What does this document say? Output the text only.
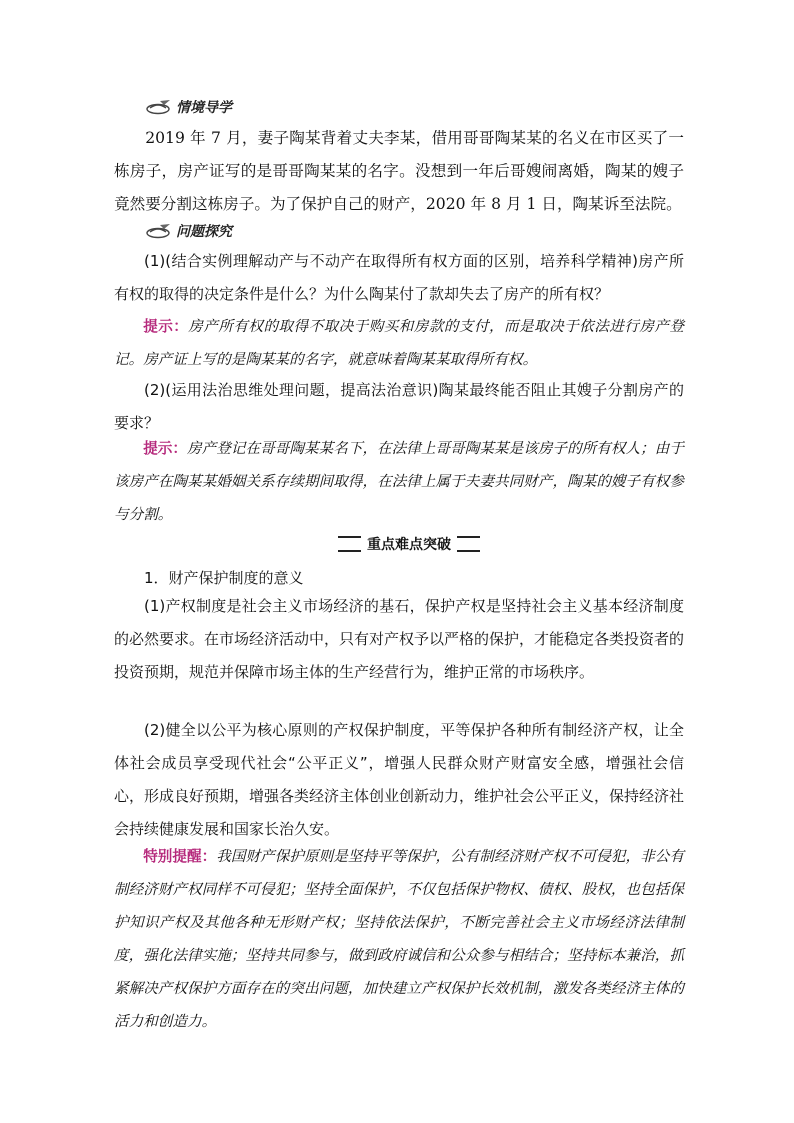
情境导学

2019 年 7 月，妻子陶某背着丈夫李某，借用哥哥陶某某的名义在市区买了一栋房子，房产证写的是哥哥陶某某的名字。没想到一年后哥嫂闹离婚，陶某的嫂子竟然要分割这栋房子。为了保护自己的财产，2020 年 8 月 1 日，陶某诉至法院。

问题探究

(1)(结合实例理解动产与不动产在取得所有权方面的区别，培养科学精神)房产所有权的取得的决定条件是什么？为什么陶某付了款却失去了房产的所有权？

提示：房产所有权的取得不取决于购买和房款的支付，而是取决于依法进行房产登记。房产证上写的是陶某某的名字，就意味着陶某某取得所有权。

(2)(运用法治思维处理问题，提高法治意识)陶某最终能否阻止其嫂子分割房产的要求？

提示：房产登记在哥哥陶某某名下，在法律上哥哥陶某某是该房子的所有权人；由于该房产在陶某某婚姻关系存续期间取得，在法律上属于夫妻共同财产，陶某的嫂子有权参与分割。

重点难点突破

1．财产保护制度的意义

(1)产权制度是社会主义市场经济的基石，保护产权是坚持社会主义基本经济制度的必然要求。在市场经济活动中，只有对产权予以严格的保护，才能稳定各类投资者的投资预期，规范并保障市场主体的生产经营行为，维护正常的市场秩序。

(2)健全以公平为核心原则的产权保护制度，平等保护各种所有制经济产权，让全体社会成员享受现代社会“公平正义”，增强人民群众财产财富安全感，增强社会信心，形成良好预期，增强各类经济主体创业创新动力，维护社会公平正义，保持经济社会持续健康发展和国家长治久安。

特别提醒：我国财产保护原则是坚持平等保护，公有制经济财产权不可侵犯，非公有制经济财产权同样不可侵犯；坚持全面保护，不仅包括保护物权、债权、股权，也包括保护知识产权及其他各种无形财产权；坚持依法保护，不断完善社会主义市场经济法律制度，强化法律实施；坚持共同参与，做到政府诚信和公众参与相结合；坚持标本兼治，抓紧解决产权保护方面存在的突出问题，加快建立产权保护长效机制，激发各类经济主体的活力和创造力。
